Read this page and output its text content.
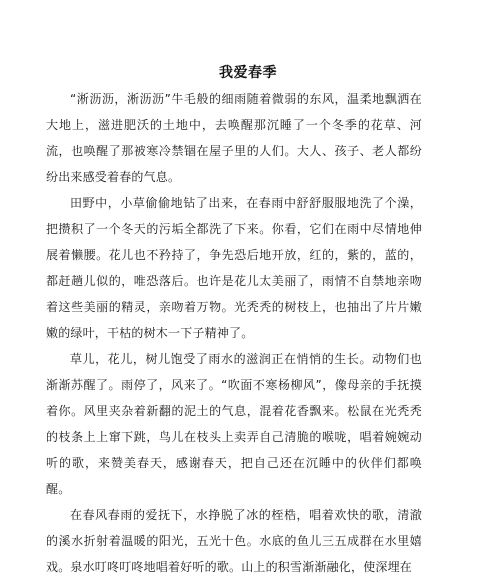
我爱春季

“淅沥沥，淅沥沥”牛毛般的细雨随着微弱的东风，温柔地飘洒在大地上，滋进肥沃的土地中，去唤醒那沉睡了一个冬季的花草、河流，也唤醒了那被寒冷禁锢在屋子里的人们。大人、孩子、老人都纷纷出来感受着春的气息。

田野中，小草偷偷地钻了出来，在春雨中舒舒服服地洗了个澡，把攒积了一个冬天的污垢全都洗了下来。你看，它们在雨中尽情地伸展着懒腰。花儿也不矜持了，争先恐后地开放，红的，紫的，蓝的，都赶趟儿似的，唯恐落后。也许是花儿太美丽了，雨情不自禁地亲吻着这些美丽的精灵，亲吻着万物。光秃秃的树枝上，也抽出了片片嫩嫩的绿叶，干枯的树木一下子精神了。

草儿，花儿，树儿饱受了雨水的滋润正在悄悄的生长。动物们也渐渐苏醒了。雨停了，风来了。“吹面不寒杨柳风”，像母亲的手抚摸着你。风里夹杂着新翻的泥土的气息，混着花香飘来。松鼠在光秃秃的枝条上上窜下跳，鸟儿在枝头上卖弄自己清脆的喉咙，唱着婉婉动听的歌，来赞美春天，感谢春天，把自己还在沉睡中的伙伴们都唤醒。

在春风春雨的爱抚下，水挣脱了冰的桎梏，唱着欢快的歌，清澈的溪水折射着温暖的阳光，五光十色。水底的鱼儿三五成群在水里嬉戏。泉水叮咚叮咚地唱着好听的歌。山上的积雪渐渐融化，使深埋在
